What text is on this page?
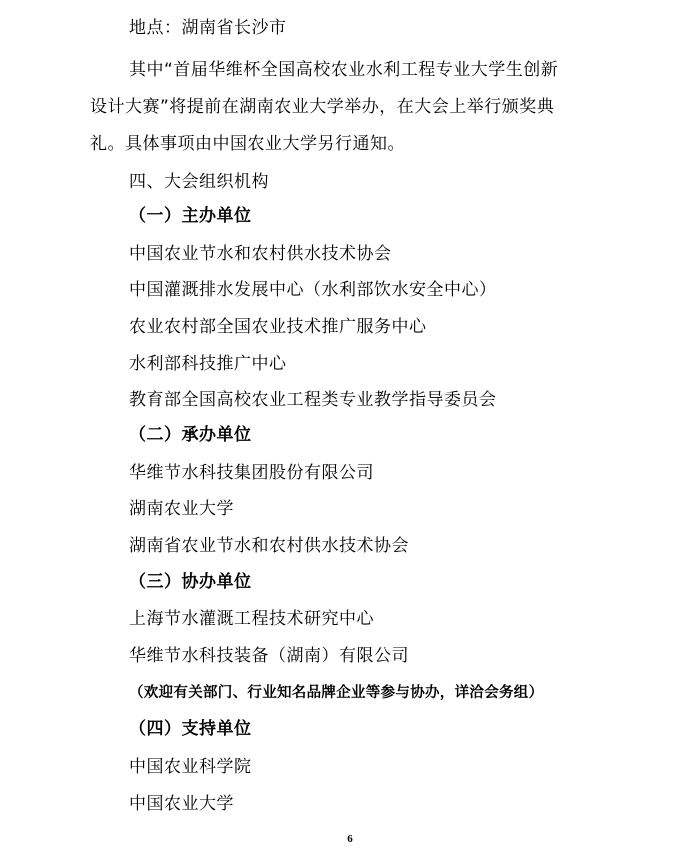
地点：湖南省长沙市
其中“首届华维杯全国高校农业水利工程专业大学生创新
设计大赛”将提前在湖南农业大学举办，在大会上举行颁奖典
礼。具体事项由中国农业大学另行通知。
四、大会组织机构
（一）主办单位
中国农业节水和农村供水技术协会
中国灌溉排水发展中心（水利部饮水安全中心）
农业农村部全国农业技术推广服务中心
水利部科技推广中心
教育部全国高校农业工程类专业教学指导委员会
（二）承办单位
华维节水科技集团股份有限公司
湖南农业大学
湖南省农业节水和农村供水技术协会
（三）协办单位
上海节水灌溉工程技术研究中心
华维节水科技装备（湖南）有限公司
（欢迎有关部门、行业知名品牌企业等参与协办，详洽会务组）
（四）支持单位
中国农业科学院
中国农业大学
6
